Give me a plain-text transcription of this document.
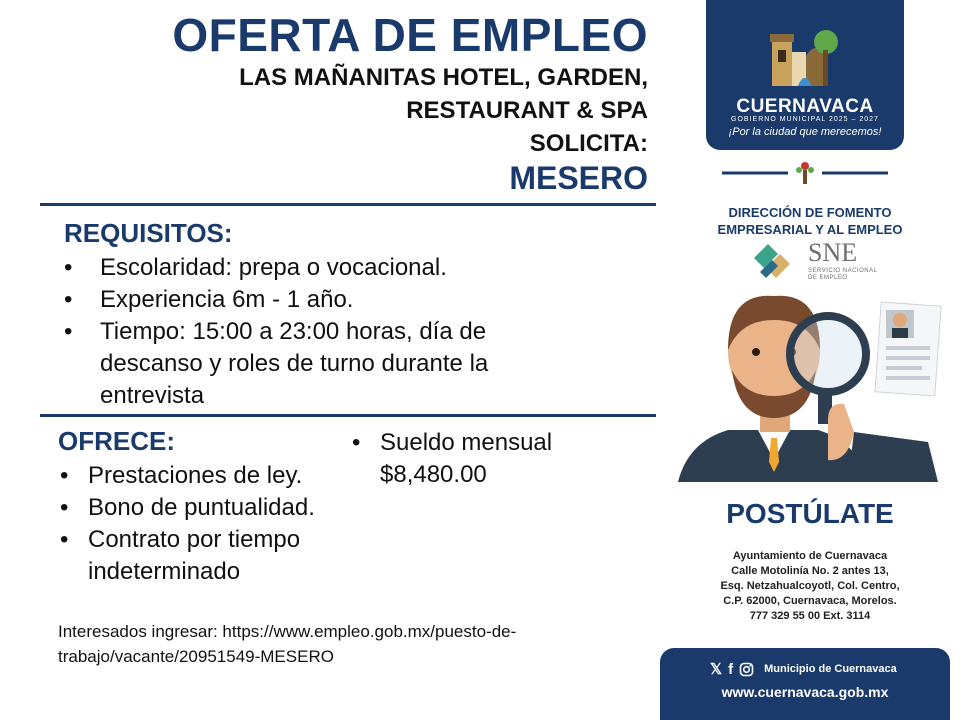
OFERTA DE EMPLEO
LAS MAÑANITAS HOTEL, GARDEN,
RESTAURANT & SPA
SOLICITA:
MESERO
REQUISITOS:
• Escolaridad: prepa o vocacional.
• Experiencia 6m - 1 año.
• Tiempo: 15:00 a 23:00 horas, día de descanso y roles de turno durante la entrevista
OFRECE:
• Prestaciones de ley.
• Bono de puntualidad.
• Contrato por tiempo indeterminado
• Sueldo mensual $8,480.00
Interesados ingresar: https://www.empleo.gob.mx/puesto-de-trabajo/vacante/20951549-MESERO
CUERNAVACA
GOBIERNO MUNICIPAL 2025 – 2027
¡Por la ciudad que merecemos!
DIRECCIÓN DE FOMENTO
EMPRESARIAL Y AL EMPLEO
SNE
SERVICIO NACIONAL DE EMPLEO
POSTÚLATE
Ayuntamiento de Cuernavaca
Calle Motolinía No. 2 antes 13,
Esq. Netzahualcoyotl, Col. Centro,
C.P. 62000, Cuernavaca, Morelos.
777 329 55 00 Ext. 3114
𝕏 f	Municipio de Cuernavaca
www.cuernavaca.gob.mx
